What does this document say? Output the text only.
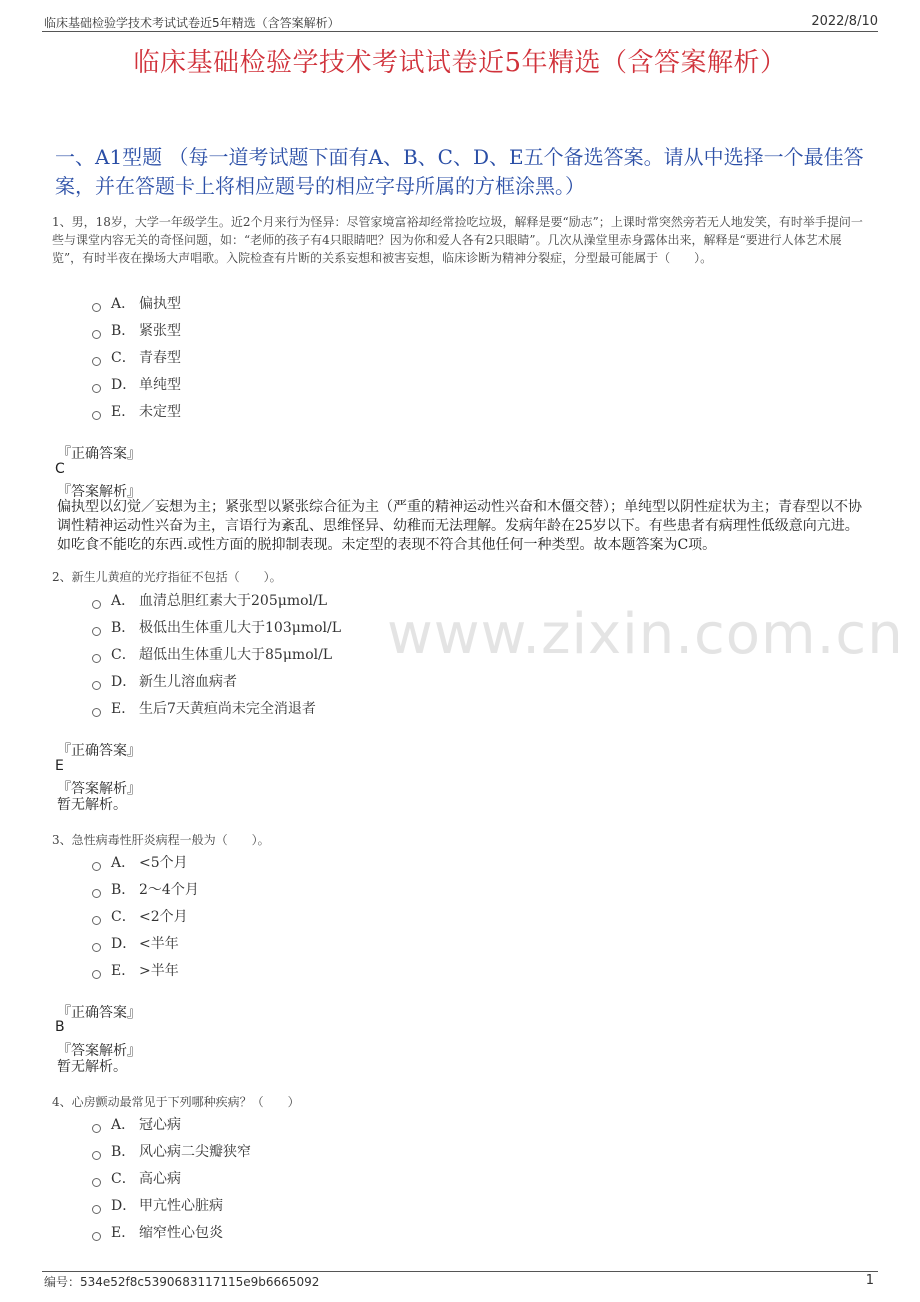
临床基础检验学技术考试试卷近5年精选（含答案解析）	2022/8/10
临床基础检验学技术考试试卷近5年精选（含答案解析）
一、A1型题 （每一道考试题下面有A、B、C、D、E五个备选答案。请从中选择一个最佳答案，并在答题卡上将相应题号的相应字母所属的方框涂黑。）
www.zixin.com.cn
1、男，18岁，大学一年级学生。近2个月来行为怪异：尽管家境富裕却经常捡吃垃圾，解释是要“励志”；上课时常突然旁若无人地发笑，有时举手提问一些与课堂内容无关的奇怪问题，如：“老师的孩子有4只眼睛吧？因为你和爱人各有2只眼睛”。几次从澡堂里赤身露体出来，解释是“要进行人体艺术展览”，有时半夜在操场大声唱歌。入院检查有片断的关系妄想和被害妄想，临床诊断为精神分裂症，分型最可能属于（　　）。
A． 偏执型
B． 紧张型
C． 青春型
D． 单纯型
E． 未定型
『正确答案』
C
『答案解析』
偏执型以幻觉／妄想为主；紧张型以紧张综合征为主（严重的精神运动性兴奋和木僵交替）；单纯型以阴性症状为主；青春型以不协调性精神运动性兴奋为主，言语行为紊乱、思维怪异、幼稚而无法理解。发病年龄在25岁以下。有些患者有病理性低级意向亢进。如吃食不能吃的东西.或性方面的脱抑制表现。未定型的表现不符合其他任何一种类型。故本题答案为C项。
2、新生儿黄疸的光疗指征不包括（　　）。
A． 血清总胆红素大于205μmol/L
B． 极低出生体重儿大于103μmol/L
C． 超低出生体重儿大于85μmol/L
D． 新生儿溶血病者
E． 生后7天黄疸尚未完全消退者
『正确答案』
E
『答案解析』
暂无解析。
3、急性病毒性肝炎病程一般为（　　）。
A． <5个月
B． 2～4个月
C． <2个月
D． <半年
E． >半年
『正确答案』
B
『答案解析』
暂无解析。
4、心房颤动最常见于下列哪种疾病？（　　）
A． 冠心病
B． 风心病二尖瓣狭窄
C． 高心病
D． 甲亢性心脏病
E． 缩窄性心包炎
编号：534e52f8c5390683117115e9b6665092	1
